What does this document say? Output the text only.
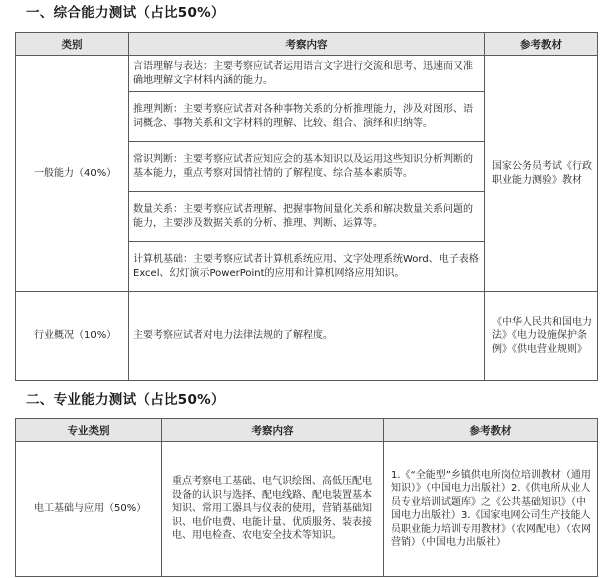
一、综合能力测试（占比50%）
类别	考察内容	参考教材
一般能力（40%）	言语理解与表达：主要考察应试者运用语言文字进行交流和思考、迅速而又准确地理解文字材料内涵的能力。	国家公务员考试《行政职业能力测验》教材

	推理判断：主要考察应试者对各种事物关系的分析推理能力，涉及对图形、语词概念、事物关系和文字材料的理解、比较、组合、演绎和归纳等。	

	常识判断：主要考察应试者应知应会的基本知识以及运用这些知识分析判断的基本能力，重点考察对国情社情的了解程度、综合基本素质等。	

	数量关系：主要考察应试者理解、把握事物间量化关系和解决数量关系问题的能力，主要涉及数据关系的分析、推理、判断、运算等。	

	计算机基础：主要考察应试者计算机系统应用、文字处理系统Word、电子表格Excel、幻灯演示PowerPoint的应用和计算机网络应用知识。	

行业概况（10%）	主要考察应试者对电力法律法规的了解程度。	《中华人民共和国电力法》《电力设施保护条例》《供电营业规则》
二、专业能力测试（占比50%）
专业类别	考察内容	参考教材
电工基础与应用（50%）	重点考察电工基础、电气识绘图、高低压配电设备的认识与选择、配电线路、配电装置基本知识、常用工器具与仪表的使用，营销基础知识、电价电费、电能计量、优质服务、装表接电、用电检查、农电安全技术等知识。	1.《“全能型”乡镇供电所岗位培训教材（通用知识）》（中国电力出版社）2.《供电所从业人员专业培训试题库》之《公共基础知识》（中国电力出版社）3.《国家电网公司生产技能人员职业能力培训专用教材》（农网配电）（农网营销）（中国电力出版社）
